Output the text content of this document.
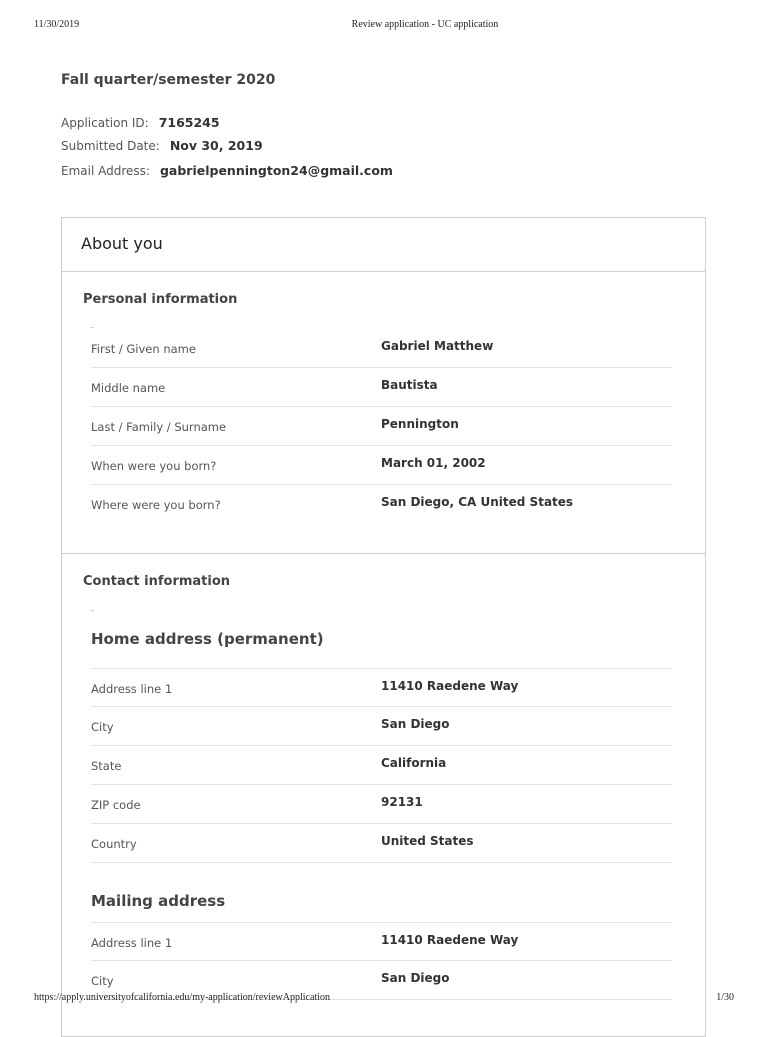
11/30/2019	Review application - UC application
Fall quarter/semester 2020
Application ID: 7165245
Submitted Date: Nov 30, 2019
Email Address: gabrielpennington24@gmail.com
About you
Personal information
First / Given name	Gabriel Matthew
Middle name	Bautista
Last / Family / Surname	Pennington
When were you born?	March 01, 2002
Where were you born?	San Diego, CA United States
Contact information
Home address (permanent)
Address line 1	11410 Raedene Way
City	San Diego
State	California
ZIP code	92131
Country	United States
Mailing address
Address line 1	11410 Raedene Way
City	San Diego
https://apply.universityofcalifornia.edu/my-application/reviewApplication	1/30
